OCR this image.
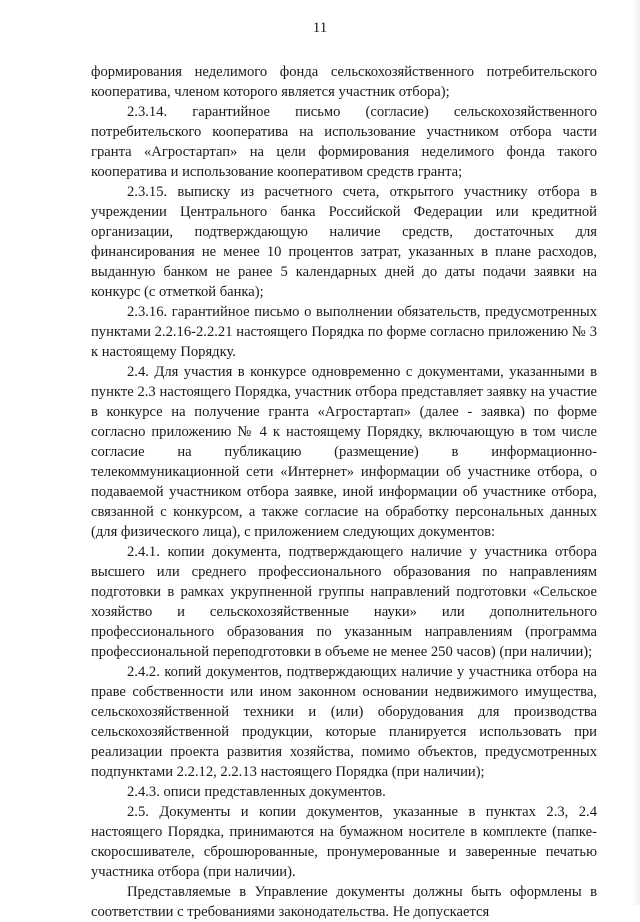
11

формирования неделимого фонда сельскохозяйственного потребительского кооператива, членом которого является участник отбора);

2.3.14. гарантийное письмо (согласие) сельскохозяйственного потребительского кооператива на использование участником отбора части гранта «Агростартап» на цели формирования неделимого фонда такого кооператива и использование кооперативом средств гранта;

2.3.15. выписку из расчетного счета, открытого участнику отбора в учреждении Центрального банка Российской Федерации или кредитной организации, подтверждающую наличие средств, достаточных для финансирования не менее 10 процентов затрат, указанных в плане расходов, выданную банком не ранее 5 календарных дней до даты подачи заявки на конкурс (с отметкой банка);

2.3.16. гарантийное письмо о выполнении обязательств, предусмотренных пунктами 2.2.16-2.2.21 настоящего Порядка по форме согласно приложению № 3 к настоящему Порядку.

2.4. Для участия в конкурсе одновременно с документами, указанными в пункте 2.3 настоящего Порядка, участник отбора представляет заявку на участие в конкурсе на получение гранта «Агростартап» (далее - заявка) по форме согласно приложению № 4 к настоящему Порядку, включающую в том числе согласие на публикацию (размещение) в информационно-телекоммуникационной сети «Интернет» информации об участнике отбора, о подаваемой участником отбора заявке, иной информации об участнике отбора, связанной с конкурсом, а также согласие на обработку персональных данных (для физического лица), с приложением следующих документов:

2.4.1. копии документа, подтверждающего наличие у участника отбора высшего или среднего профессионального образования по направлениям подготовки в рамках укрупненной группы направлений подготовки «Сельское хозяйство и сельскохозяйственные науки» или дополнительного профессионального образования по указанным направлениям (программа профессиональной переподготовки в объеме не менее 250 часов) (при наличии);

2.4.2. копий документов, подтверждающих наличие у участника отбора на праве собственности или ином законном основании недвижимого имущества, сельскохозяйственной техники и (или) оборудования для производства сельскохозяйственной продукции, которые планируется использовать при реализации проекта развития хозяйства, помимо объектов, предусмотренных подпунктами 2.2.12, 2.2.13 настоящего Порядка (при наличии);

2.4.3. описи представленных документов.

2.5. Документы и копии документов, указанные в пунктах 2.3, 2.4 настоящего Порядка, принимаются на бумажном носителе в комплекте (папке-скоросшивателе, сброшюрованные, пронумерованные и заверенные печатью участника отбора (при наличии).

Представляемые в Управление документы должны быть оформлены в соответствии с требованиями законодательства. Не допускается
